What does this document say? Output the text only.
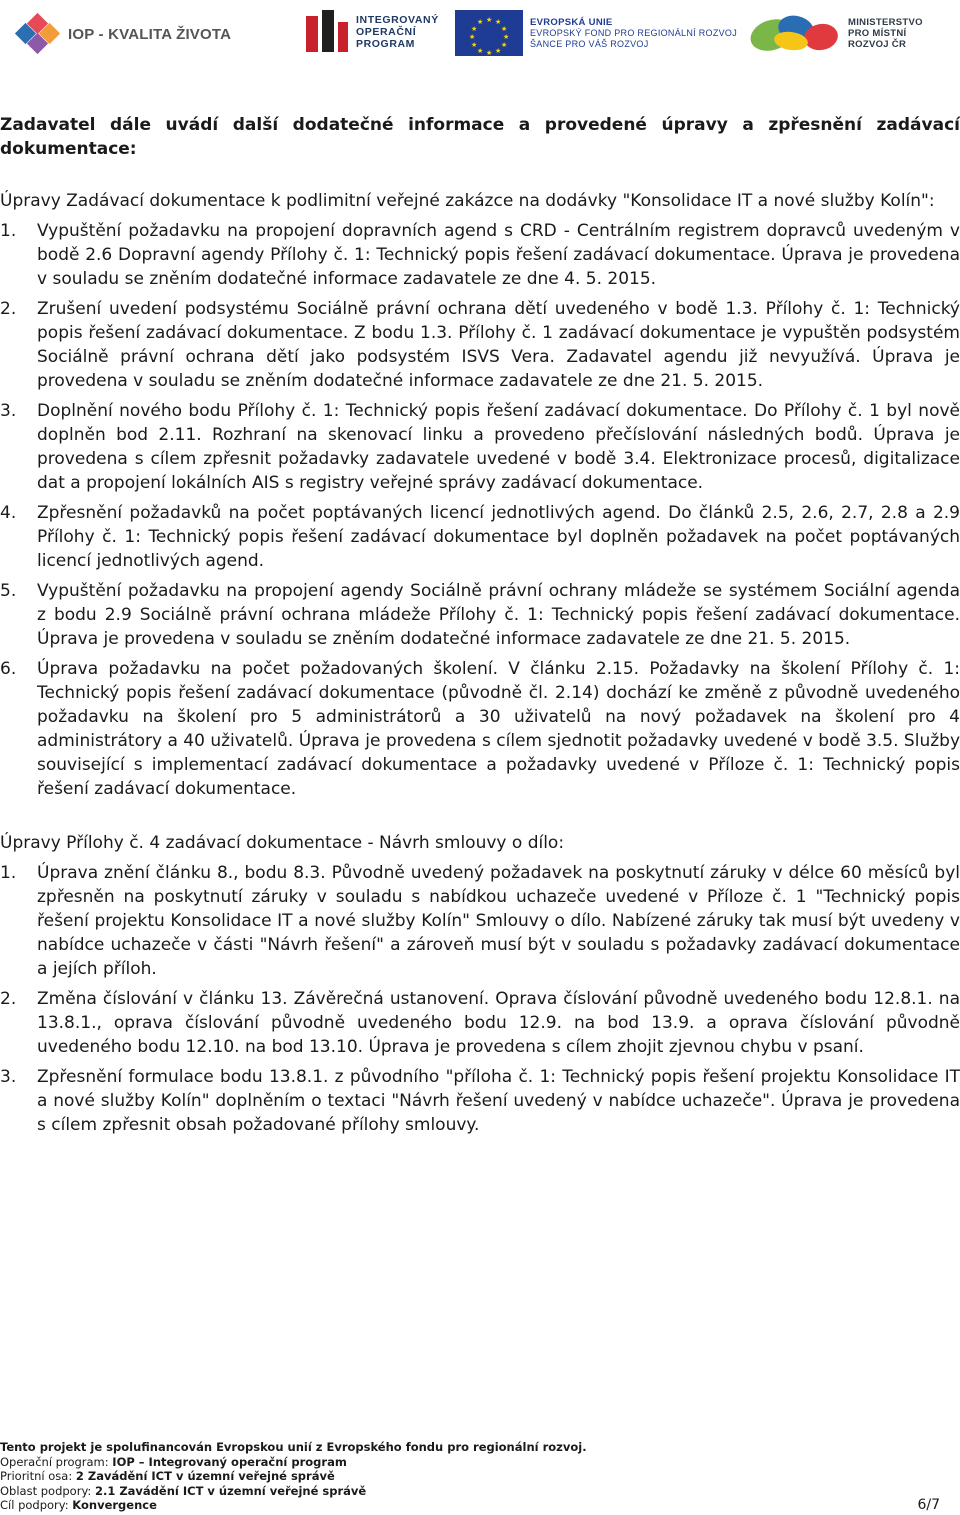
IOP - KVALITA ŽIVOTA
INTEGROVANÝ
OPERAČNÍ
PROGRAM
★ ★
★
★
★
★
★
★
★
★
★
★	EVROPSKÁ UNIE
EVROPSKÝ FOND PRO REGIONÁLNÍ ROZVOJ
ŠANCE PRO VÁŠ ROZVOJ
MINISTERSTVO
PRO MÍSTNÍ
ROZVOJ ČR

Zadavatel dále uvádí další dodatečné informace a provedené úpravy a zpřesnění zadávací dokumentace:

Úpravy Zadávací dokumentace k podlimitní veřejné zakázce na dodávky "Konsolidace IT a nové služby Kolín":

1.	Vypuštění požadavku na propojení dopravních agend s CRD - Centrálním registrem dopravců uvedeným v bodě 2.6 Dopravní agendy Přílohy č. 1: Technický popis řešení zadávací dokumentace. Úprava je provedena v souladu se zněním dodatečné informace zadavatele ze dne 4. 5. 2015.
2.	Zrušení uvedení podsystému Sociálně právní ochrana dětí uvedeného v bodě 1.3. Přílohy č. 1: Technický popis řešení zadávací dokumentace. Z bodu 1.3. Přílohy č. 1 zadávací dokumentace je vypuštěn podsystém Sociálně právní ochrana dětí jako podsystém ISVS Vera. Zadavatel agendu již nevyužívá. Úprava je provedena v souladu se zněním dodatečné informace zadavatele ze dne 21. 5. 2015.
3.	Doplnění nového bodu Přílohy č. 1: Technický popis řešení zadávací dokumentace. Do Přílohy č. 1 byl nově doplněn bod 2.11. Rozhraní na skenovací linku a provedeno přečíslování následných bodů. Úprava je provedena s cílem zpřesnit požadavky zadavatele uvedené v bodě 3.4. Elektronizace procesů, digitalizace dat a propojení lokálních AIS s registry veřejné správy zadávací dokumentace.
4.	Zpřesnění požadavků na počet poptávaných licencí jednotlivých agend. Do článků 2.5, 2.6, 2.7, 2.8 a 2.9 Přílohy č. 1: Technický popis řešení zadávací dokumentace byl doplněn požadavek na počet poptávaných licencí jednotlivých agend.
5.	Vypuštění požadavku na propojení agendy Sociálně právní ochrany mládeže se systémem Sociální agenda z bodu 2.9 Sociálně právní ochrana mládeže Přílohy č. 1: Technický popis řešení zadávací dokumentace. Úprava je provedena v souladu se zněním dodatečné informace zadavatele ze dne 21. 5. 2015.
6.	Úprava požadavku na počet požadovaných školení. V článku 2.15. Požadavky na školení Přílohy č. 1: Technický popis řešení zadávací dokumentace (původně čl. 2.14) dochází ke změně z původně uvedeného požadavku na školení pro 5 administrátorů a 30 uživatelů na nový požadavek na školení pro 4 administrátory a 40 uživatelů. Úprava je provedena s cílem sjednotit požadavky uvedené v bodě 3.5. Služby související s implementací zadávací dokumentace a požadavky uvedené v Příloze č. 1: Technický popis řešení zadávací dokumentace.

Úpravy Přílohy č. 4 zadávací dokumentace - Návrh smlouvy o dílo:

1.	Úprava znění článku 8., bodu 8.3. Původně uvedený požadavek na poskytnutí záruky v délce 60 měsíců byl zpřesněn na poskytnutí záruky v souladu s nabídkou uchazeče uvedené v Příloze č. 1 "Technický popis řešení projektu Konsolidace IT a nové služby Kolín" Smlouvy o dílo. Nabízené záruky tak musí být uvedeny v nabídce uchazeče v části "Návrh řešení" a zároveň musí být v souladu s požadavky zadávací dokumentace a jejích příloh.
2.	Změna číslování v článku 13. Závěrečná ustanovení. Oprava číslování původně uvedeného bodu 12.8.1. na 13.8.1., oprava číslování původně uvedeného bodu 12.9. na bod 13.9. a oprava číslování původně uvedeného bodu 12.10. na bod 13.10. Úprava je provedena s cílem zhojit zjevnou chybu v psaní.
3.	Zpřesnění formulace bodu 13.8.1. z původního "příloha č. 1: Technický popis řešení projektu Konsolidace IT a nové služby Kolín" doplněním o textaci "Návrh řešení uvedený v nabídce uchazeče". Úprava je provedena s cílem zpřesnit obsah požadované přílohy smlouvy.
Tento projekt je spolufinancován Evropskou unií z Evropského fondu pro regionální rozvoj.
Operační program: IOP – Integrovaný operační program
Prioritní osa: 2 Zavádění ICT v územní veřejné správě
Oblast podpory: 2.1 Zavádění ICT v územní veřejné správě
Cíl podpory: Konvergence	6/7
